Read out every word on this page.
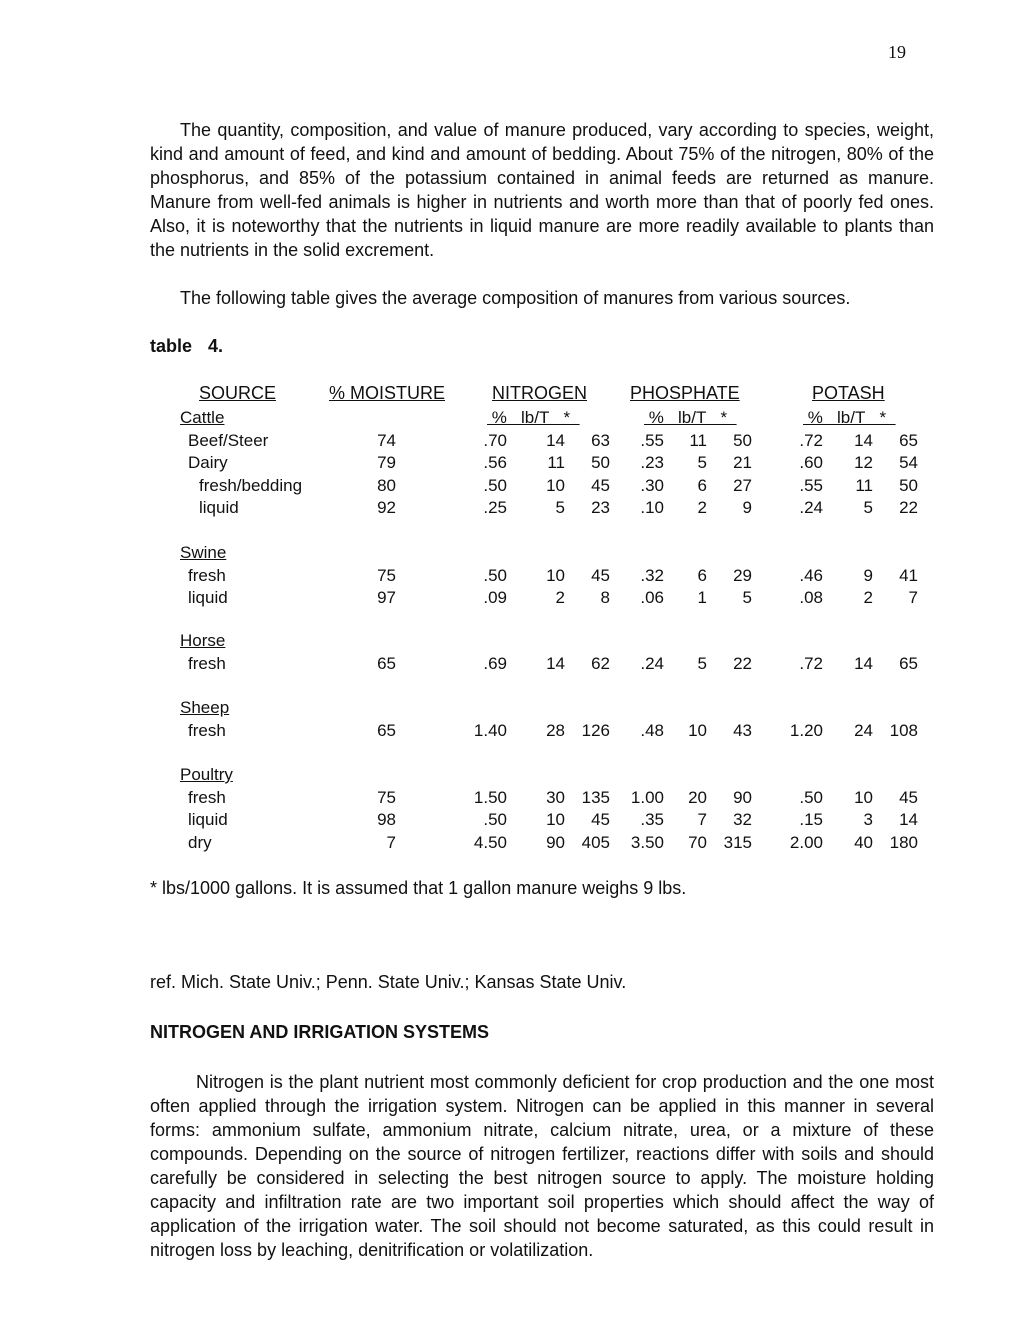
19

The quantity, composition, and value of manure produced, vary according to species, weight, kind and amount of feed, and kind and amount of bedding. About 75% of the nitrogen, 80% of the phosphorus, and 85% of the potassium contained in animal feeds are returned as manure. Manure from well-fed animals is higher in nutrients and worth more than that of poorly fed ones. Also, it is noteworthy that the nutrients in liquid manure are more readily available to plants than the nutrients in the solid excrement.

The following table gives the average composition of manures from various sources.

table 4.
SOURCE	% MOISTURE	NITROGEN PHOSPHATE	POTASH
%   lb/T   *	%   lb/T   *	%   lb/T   *
Cattle
Beef/Steer	74	.70	14	63	.55	11	50	.72	14	65
Dairy	79	.56	11	50	.23	5	21	.60	12	54
fresh/bedding	80	.50	10	45	.30	6	27	.55	11	50
liquid	92	.25	5	23	.10	2	9	.24	5	22
Swine
fresh	75	.50	10	45	.32	6	29	.46	9	41
liquid	97	.09	2	8	.06	1	5	.08	2	7
Horse
fresh	65	.69	14	62	.24	5	22	.72	14	65
Sheep
fresh	65	1.40	28 126	.48	10	43	1.20	24 108
Poultry
fresh	75	1.50	30 135	1.00	20	90	.50	10	45
liquid	98	.50	10	45	.35	7	32	.15	3	14
dry	7	4.50	90 405	3.50	70 315	2.00	40 180

* lbs/1000 gallons. It is assumed that 1 gallon manure weighs 9 lbs.

ref. Mich. State Univ.; Penn. State Univ.; Kansas State Univ.

NITROGEN AND IRRIGATION SYSTEMS

Nitrogen is the plant nutrient most commonly deficient for crop production and the one most often applied through the irrigation system. Nitrogen can be applied in this manner in several forms: ammonium sulfate, ammonium nitrate, calcium nitrate, urea, or a mixture of these compounds. Depending on the source of nitrogen fertilizer, reactions differ with soils and should carefully be considered in selecting the best nitrogen source to apply. The moisture holding capacity and infiltration rate are two important soil properties which should affect the way of application of the irrigation water. The soil should not become saturated, as this could result in nitrogen loss by leaching, denitrification or volatilization.
